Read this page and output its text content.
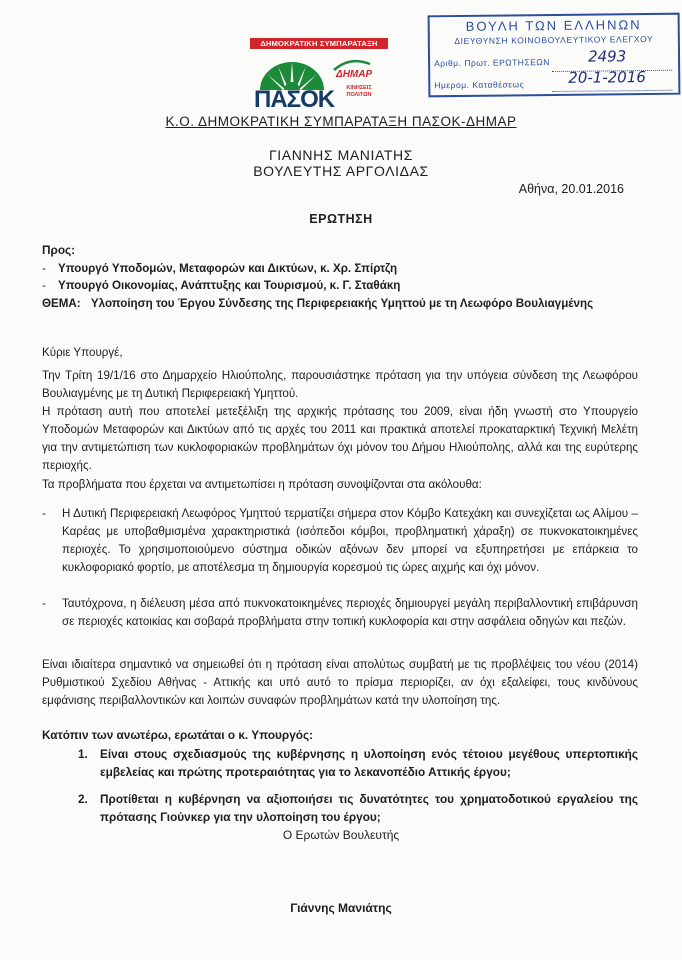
ΔΗΜΟΚΡΑΤΙΚΗ ΣΥΜΠΑΡΑΤΑΞΗ
ΠΑΣΟΚ
ΔΗΜΑΡ
ΚΙΝΗΣΕΙΣ
ΠΟΛΙΤΩΝ
ΒΟΥΛΗ ΤΩΝ ΕΛΛΗΝΩΝ
ΔΙΕΥΘΥΝΣΗ ΚΟΙΝΟΒΟΥΛΕΥΤΙΚΟΥ ΕΛΕΓΧΟΥ
Αριθμ. Πρωτ. ΕΡΩΤΗΣΕΩΝ	2493
Ημερομ. Καταθέσεως	20-1-2016
Κ.Ο. ΔΗΜΟΚΡΑΤΙΚΗ ΣΥΜΠΑΡΑΤΑΞΗ ΠΑΣΟΚ-ΔΗΜΑΡ
ΓΙΑΝΝΗΣ ΜΑΝΙΑΤΗΣ
ΒΟΥΛΕΥΤΗΣ ΑΡΓΟΛΙΔΑΣ
Αθήνα, 20.01.2016
ΕΡΩΤΗΣΗ
Προς:
- Υπουργό Υποδομών, Μεταφορών και Δικτύων, κ. Χρ. Σπίρτζη
- Υπουργό Οικονομίας, Ανάπτυξης και Τουρισμού, κ. Γ. Σταθάκη
ΘΕΜΑ: Υλοποίηση του Έργου Σύνδεσης της Περιφερειακής Υμηττού με τη Λεωφόρο Βουλιαγμένης
Κύριε Υπουργέ,
Την Τρίτη 19/1/16 στο Δημαρχείο Ηλιούπολης, παρουσιάστηκε πρόταση για την υπόγεια σύνδεση της Λεωφόρου Βουλιαγμένης με τη Δυτική Περιφερειακή Υμηττού.
Η πρόταση αυτή που αποτελεί μετεξέλιξη της αρχικής πρότασης του 2009, είναι ήδη γνωστή στο Υπουργείο Υποδομών Μεταφορών και Δικτύων από τις αρχές του 2011 και πρακτικά αποτελεί προκαταρκτική Τεχνική Μελέτη για την αντιμετώπιση των κυκλοφοριακών προβλημάτων όχι μόνον του Δήμου Ηλιούπολης, αλλά και της ευρύτερης περιοχής.
Τα προβλήματα που έρχεται να αντιμετωπίσει η πρόταση συνοψίζονται στα ακόλουθα:
- Η Δυτική Περιφερειακή Λεωφόρος Υμηττού τερματίζει σήμερα στον Κόμβο Κατεχάκη και συνεχίζεται ως Αλίμου – Καρέας με υποβαθμισμένα χαρακτηριστικά (ισόπεδοι κόμβοι, προβληματική χάραξη) σε πυκνοκατοικημένες περιοχές. Το χρησιμοποιούμενο σύστημα οδικών αξόνων δεν μπορεί να εξυπηρετήσει με επάρκεια το κυκλοφοριακό φορτίο, με αποτέλεσμα τη δημιουργία κορεσμού τις ώρες αιχμής και όχι μόνον.
- Ταυτόχρονα, η διέλευση μέσα από πυκνοκατοικημένες περιοχές δημιουργεί μεγάλη περιβαλλοντική επιβάρυνση σε περιοχές κατοικίας και σοβαρά προβλήματα στην τοπική κυκλοφορία και στην ασφάλεια οδηγών και πεζών.
Είναι ιδιαίτερα σημαντικό να σημειωθεί ότι η πρόταση είναι απολύτως συμβατή με τις προβλέψεις του νέου (2014) Ρυθμιστικού Σχεδίου Αθήνας - Αττικής και υπό αυτό το πρίσμα περιορίζει, αν όχι εξαλείφει, τους κινδύνους εμφάνισης περιβαλλοντικών και λοιπών συναφών προβλημάτων κατά την υλοποίηση της.
Κατόπιν των ανωτέρω, ερωτάται ο κ. Υπουργός:
1. Είναι στους σχεδιασμούς της κυβέρνησης η υλοποίηση ενός τέτοιου μεγέθους υπερτοπικής εμβελείας και πρώτης προτεραιότητας για το λεκανοπέδιο Αττικής έργου;
2. Προτίθεται η κυβέρνηση να αξιοποιήσει τις δυνατότητες του χρηματοδοτικού εργαλείου της πρότασης Γιούνκερ για την υλοποίηση του έργου;
Ο Ερωτών Βουλευτής
Γιάννης Μανιάτης
